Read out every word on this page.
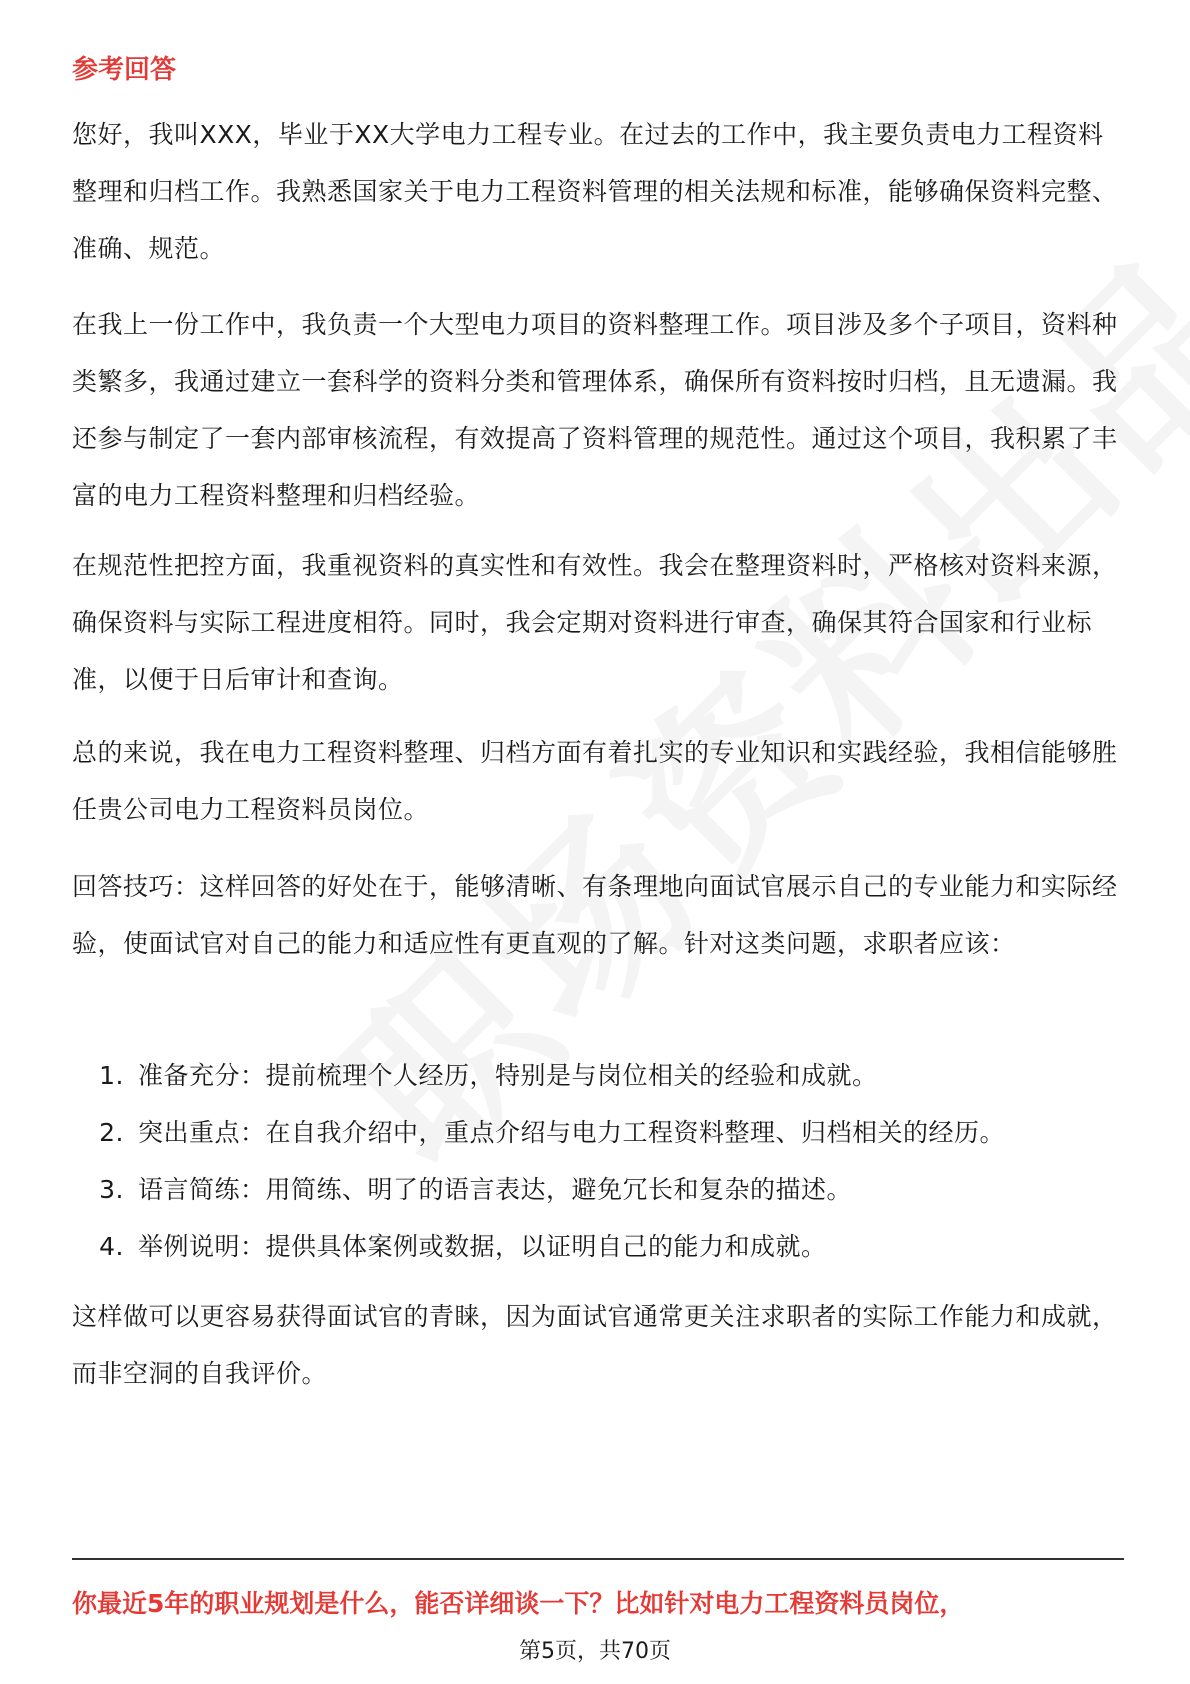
参考回答

您好，我叫XXX，毕业于XX大学电力工程专业。在过去的工作中，我主要负责电力工程资料整理和归档工作。我熟悉国家关于电力工程资料管理的相关法规和标准，能够确保资料完整、准确、规范。

在我上一份工作中，我负责一个大型电力项目的资料整理工作。项目涉及多个子项目，资料种类繁多，我通过建立一套科学的资料分类和管理体系，确保所有资料按时归档，且无遗漏。我还参与制定了一套内部审核流程，有效提高了资料管理的规范性。通过这个项目，我积累了丰富的电力工程资料整理和归档经验。

在规范性把控方面，我重视资料的真实性和有效性。我会在整理资料时，严格核对资料来源，确保资料与实际工程进度相符。同时，我会定期对资料进行审查，确保其符合国家和行业标准，以便于日后审计和查询。

总的来说，我在电力工程资料整理、归档方面有着扎实的专业知识和实践经验，我相信能够胜任贵公司电力工程资料员岗位。

回答技巧：这样回答的好处在于，能够清晰、有条理地向面试官展示自己的专业能力和实际经验，使面试官对自己的能力和适应性有更直观的了解。针对这类问题，求职者应该：

1. 准备充分：提前梳理个人经历，特别是与岗位相关的经验和成就。
2. 突出重点：在自我介绍中，重点介绍与电力工程资料整理、归档相关的经历。
3. 语言简练：用简练、明了的语言表达，避免冗长和复杂的描述。
4. 举例说明：提供具体案例或数据，以证明自己的能力和成就。

这样做可以更容易获得面试官的青睐，因为面试官通常更关注求职者的实际工作能力和成就，而非空洞的自我评价。

你最近5年的职业规划是什么，能否详细谈一下？比如针对电力工程资料员岗位，
第5页，共70页
